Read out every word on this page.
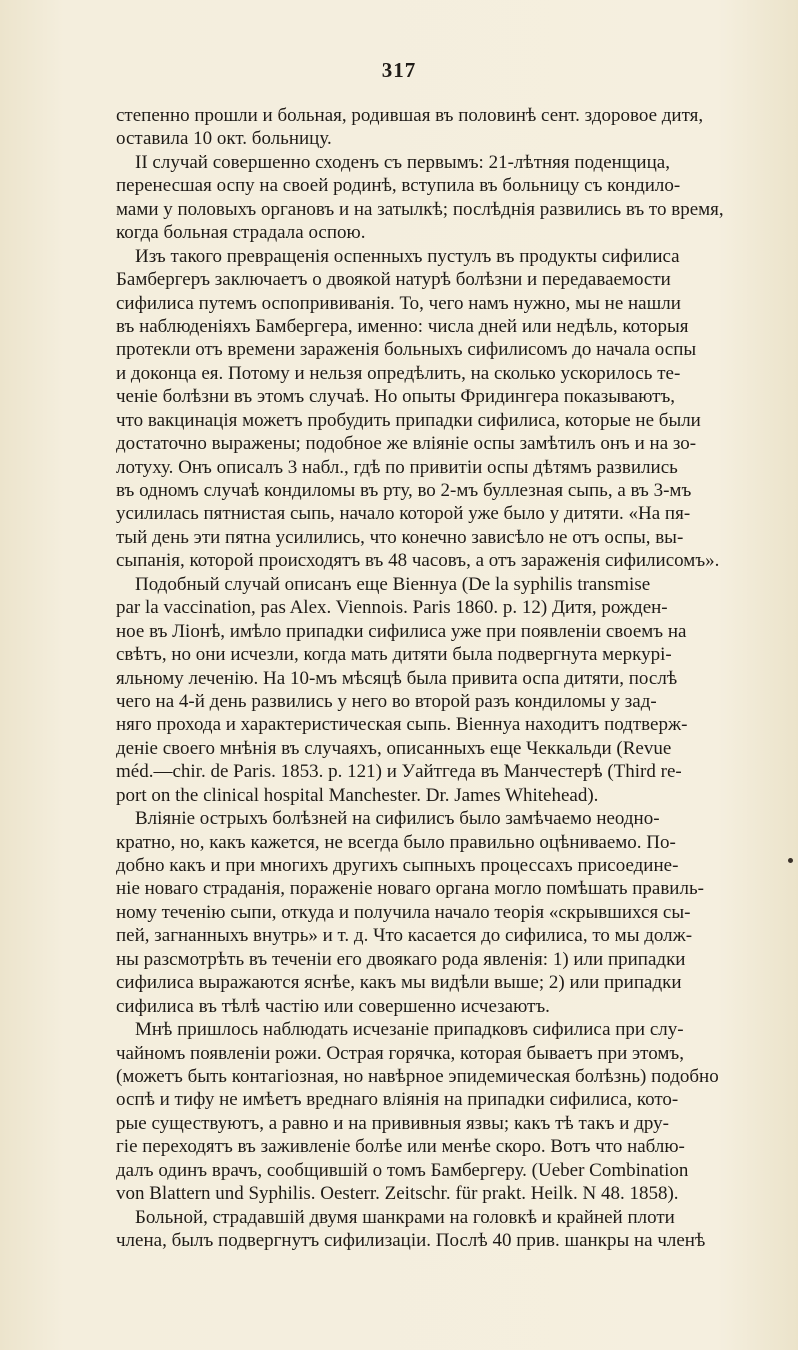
317
степенно прошли и больная, родившая въ половинѣ сент. здоровое дитя,
оставила 10 окт. больницу.
II случай совершенно сходенъ съ первымъ: 21-лѣтняя поденщица,
перенесшая оспу на своей родинѣ, вступила въ больницу съ кондило-
мами у половыхъ органовъ и на затылкѣ; послѣднія развились въ то время,
когда больная страдала оспою.
Изъ такого превращенія оспенныхъ пустулъ въ продукты сифилиса
Бамбергеръ заключаетъ о двоякой натурѣ болѣзни и передаваемости
сифилиса путемъ оспопрививанія. То, чего намъ нужно, мы не нашли
въ наблюденіяхъ Бамбергера, именно: числа дней или недѣль, которыя
протекли отъ времени зараженія больныхъ сифилисомъ до начала оспы
и доконца ея. Потому и нельзя опредѣлить, на сколько ускорилось те-
ченіе болѣзни въ этомъ случаѣ. Но опыты Фридингера показываютъ,
что вакцинація можетъ пробудить припадки сифилиса, которые не были
достаточно выражены; подобное же вліяніе оспы замѣтилъ онъ и на зо-
лотуху. Онъ описалъ 3 набл., гдѣ по привитіи оспы дѣтямъ развились
въ одномъ случаѣ кондиломы въ рту, во 2-мъ буллезная сыпь, а въ 3-мъ
усилилась пятнистая сыпь, начало которой уже было у дитяти. «На пя-
тый день эти пятна усилились, что конечно зависѣло не отъ оспы, вы-
сыпанія, которой происходятъ въ 48 часовъ, а отъ зараженія сифилисомъ».
Подобный случай описанъ еще Віеннуа (De la syphilis transmise
par la vaccination, pas Alex. Viennois. Paris 1860. p. 12) Дитя, рожден-
ное въ Ліонѣ, имѣло припадки сифилиса уже при появленіи своемъ на
свѣтъ, но они исчезли, когда мать дитяти была подвергнута меркурі-
яльному леченію. На 10-мъ мѣсяцѣ была привита оспа дитяти, послѣ
чего на 4-й день развились у него во второй разъ кондиломы у зад-
няго прохода и характеристическая сыпь. Віеннуа находитъ подтверж-
деніе своего мнѣнія въ случаяхъ, описанныхъ еще Чеккальди (Revue
méd.—chir. de Paris. 1853. p. 121) и Уайтгеда въ Манчестерѣ (Third re-
port on the clinical hospital Manchester. Dr. James Whitehead).
Вліяніе острыхъ болѣзней на сифилисъ было замѣчаемо неодно-
кратно, но, какъ кажется, не всегда было правильно оцѣниваемо. По-
добно какъ и при многихъ другихъ сыпныхъ процессахъ присоедине-
ніе новаго страданія, пораженіе новаго органа могло помѣшать правиль-
ному теченію сыпи, откуда и получила начало теорія «скрывшихся сы-
пей, загнанныхъ внутрь» и т. д. Что касается до сифилиса, то мы долж-
ны разсмотрѣть въ теченіи его двоякаго рода явленія: 1) или припадки
сифилиса выражаются яснѣе, какъ мы видѣли выше; 2) или припадки
сифилиса въ тѣлѣ частію или совершенно исчезаютъ.
Мнѣ пришлось наблюдать исчезаніе припадковъ сифилиса при слу-
чайномъ появленіи рожи. Острая горячка, которая бываетъ при этомъ,
(можетъ быть контагіозная, но навѣрное эпидемическая болѣзнь) подобно
оспѣ и тифу не имѣетъ вреднаго вліянія на припадки сифилиса, кото-
рые существуютъ, а равно и на прививныя язвы; какъ тѣ такъ и дру-
гіе переходятъ въ заживленіе болѣе или менѣе скоро. Вотъ что наблю-
далъ одинъ врачъ, сообщившій о томъ Бамбергеру. (Ueber Combination
von Blattern und Syphilis. Oesterr. Zeitschr. für prakt. Heilk. N 48. 1858).
Больной, страдавшій двумя шанкрами на головкѣ и крайней плоти
члена, былъ подвергнутъ сифилизаціи. Послѣ 40 прив. шанкры на членѣ
